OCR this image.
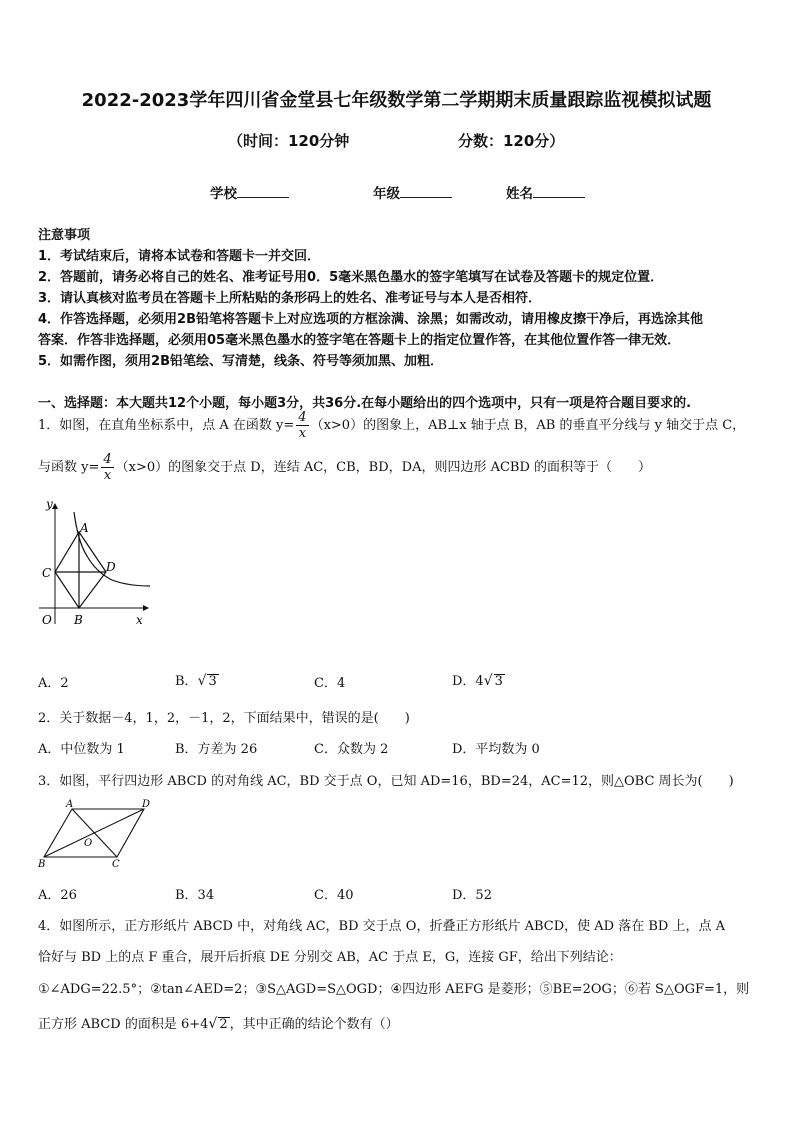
2022-2023学年四川省金堂县七年级数学第二学期期末质量跟踪监视模拟试题
（时间：120分钟	分数：120分）
学校	年级	姓名
注意事项
1．考试结束后，请将本试卷和答题卡一并交回．
2．答题前，请务必将自己的姓名、准考证号用0．5毫米黑色墨水的签字笔填写在试卷及答题卡的规定位置．
3．请认真核对监考员在答题卡上所粘贴的条形码上的姓名、准考证号与本人是否相符．
4．作答选择题，必须用2B铅笔将答题卡上对应选项的方框涂满、涂黑；如需改动，请用橡皮擦干净后，再选涂其他
答案．作答非选择题，必须用05毫米黑色墨水的签字笔在答题卡上的指定位置作答，在其他位置作答一律无效．
5．如需作图，须用2B铅笔绘、写清楚，线条、符号等须加黑、加粗．
一、选择题：本大题共12个小题，每小题3分，共36分.在每小题给出的四个选项中，只有一项是符合题目要求的.
1．如图，在直角坐标系中，点 A 在函数 $y= \frac{4}{x} (x>0)$的图象上，AB⊥x 轴于点 B，AB 的垂直平分线与 y 轴交于点 C，
与函数 $y= \frac{4}{x} (x>0)$的图象交于点 D，连结 AC，CB，BD，DA，则四边形 ACBD 的面积等于（　　）
y
x
O
A
B
C	D
A．2	B．√ 3	C．4	D．4√ 3
2．关于数据－4，1，2，－1，2，下面结果中，错误的是(　　)
A．中位数为 1	B．方差为 26	C．众数为 2	D．平均数为 0
3．如图，平行四边形 ABCD 的对角线 AC，BD 交于点 O，已知 AD=16，BD=24，AC=12，则△OBC 周长为(　　)
A	D
B	C
O
A．26	B．34	C．40	D．52
4．如图所示，正方形纸片 ABCD 中，对角线 AC，BD 交于点 O，折叠正方形纸片 ABCD，使 AD 落在 BD 上，点 A
恰好与 BD 上的点 F 重合，展开后折痕 DE 分别交 AB，AC 于点 E，G，连接 GF，给出下列结论：
①∠ADG=22.5°；②tan∠AED=2；③S△AGD=S△OGD；④四边形 AEFG 是菱形；⑤BE=2OG；⑥若 S△OGF=1，则
正方形 ABCD 的面积是 6+4√ 2 ，其中正确的结论个数有（）
